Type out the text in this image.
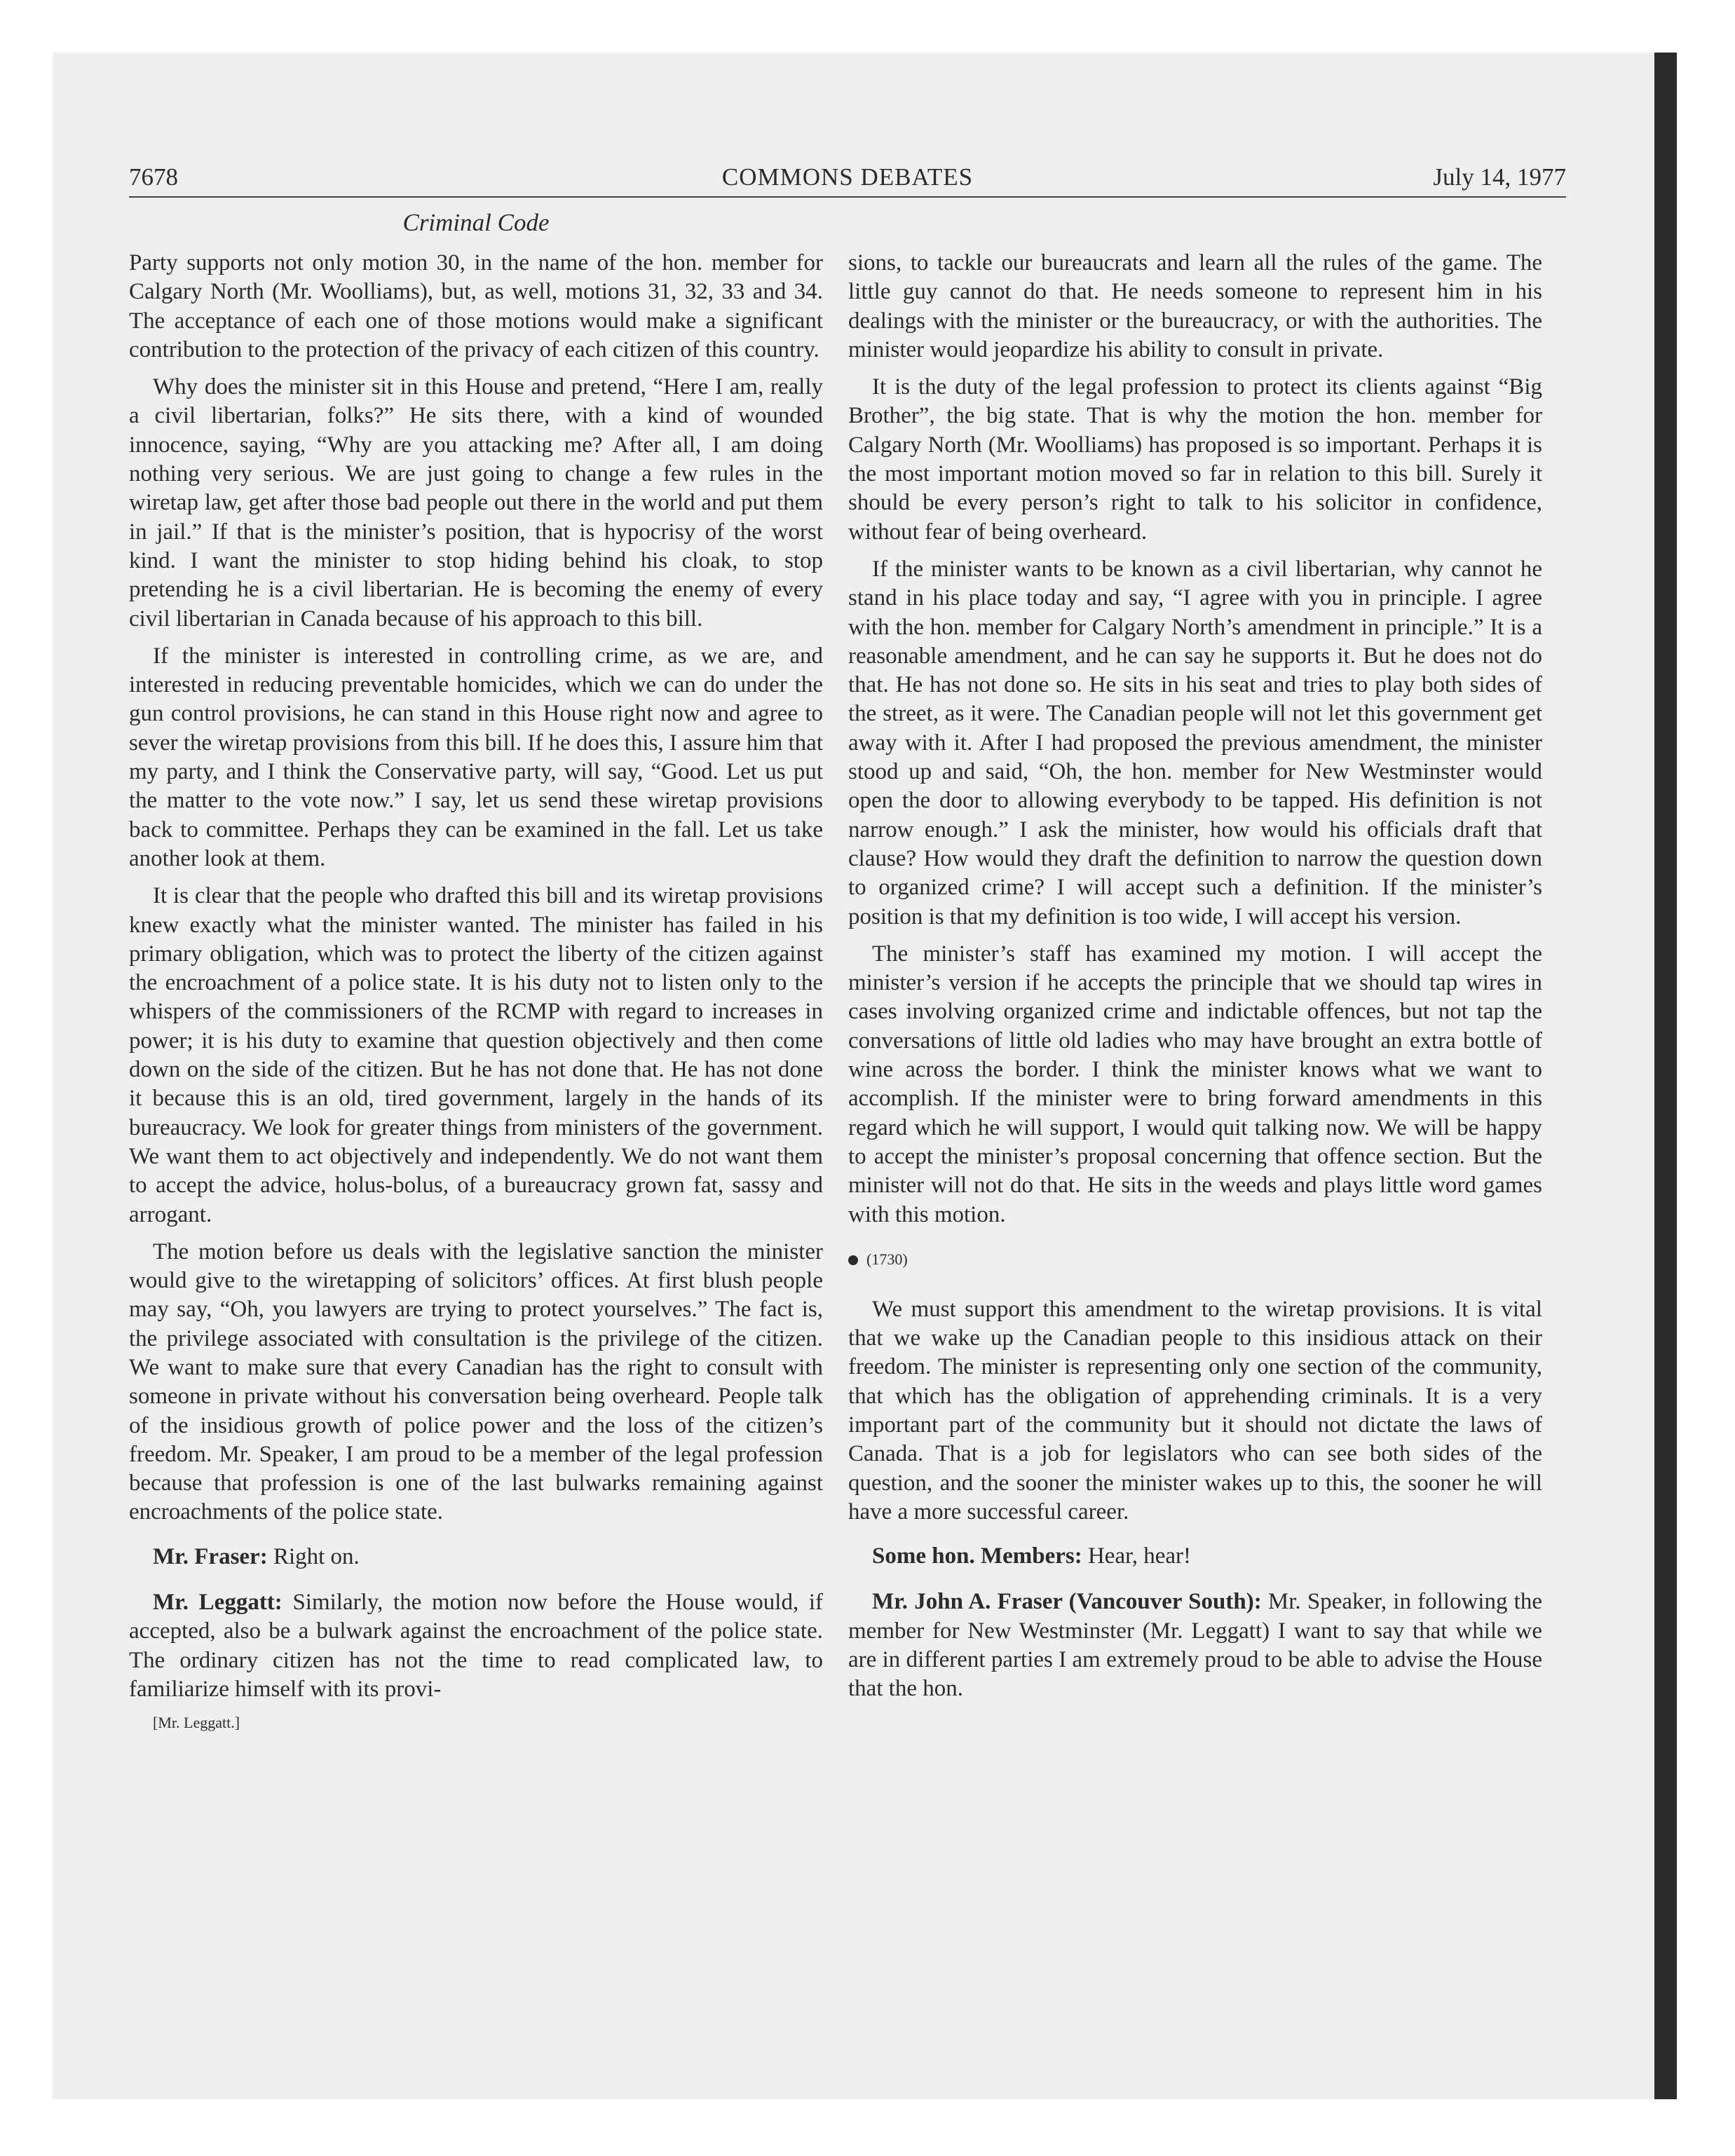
7678	COMMONS DEBATES	July 14, 1977
Criminal Code

Party supports not only motion 30, in the name of the hon. member for Calgary North (Mr. Woolliams), but, as well, motions 31, 32, 33 and 34. The acceptance of each one of those motions would make a significant contribution to the protection of the privacy of each citizen of this country.

Why does the minister sit in this House and pretend, “Here I am, really a civil libertarian, folks?” He sits there, with a kind of wounded innocence, saying, “Why are you attacking me? After all, I am doing nothing very serious. We are just going to change a few rules in the wiretap law, get after those bad people out there in the world and put them in jail.” If that is the minister’s position, that is hypocrisy of the worst kind. I want the minister to stop hiding behind his cloak, to stop pretending he is a civil libertarian. He is becoming the enemy of every civil libertarian in Canada because of his approach to this bill.

If the minister is interested in controlling crime, as we are, and interested in reducing preventable homicides, which we can do under the gun control provisions, he can stand in this House right now and agree to sever the wiretap provisions from this bill. If he does this, I assure him that my party, and I think the Conservative party, will say, “Good. Let us put the matter to the vote now.” I say, let us send these wiretap provisions back to committee. Perhaps they can be examined in the fall. Let us take another look at them.

It is clear that the people who drafted this bill and its wiretap provisions knew exactly what the minister wanted. The minister has failed in his primary obligation, which was to protect the liberty of the citizen against the encroachment of a police state. It is his duty not to listen only to the whispers of the commissioners of the RCMP with regard to increases in power; it is his duty to examine that question objectively and then come down on the side of the citizen. But he has not done that. He has not done it because this is an old, tired government, largely in the hands of its bureaucracy. We look for greater things from ministers of the government. We want them to act objectively and independently. We do not want them to accept the advice, holus-bolus, of a bureaucracy grown fat, sassy and arrogant.

The motion before us deals with the legislative sanction the minister would give to the wiretapping of solicitors’ offices. At first blush people may say, “Oh, you lawyers are trying to protect yourselves.” The fact is, the privilege associated with consultation is the privilege of the citizen. We want to make sure that every Canadian has the right to consult with someone in private without his conversation being overheard. People talk of the insidious growth of police power and the loss of the citizen’s freedom. Mr. Speaker, I am proud to be a member of the legal profession because that profession is one of the last bulwarks remaining against encroachments of the police state.

Mr. Fraser: Right on.

Mr. Leggatt: Similarly, the motion now before the House would, if accepted, also be a bulwark against the encroachment of the police state. The ordinary citizen has not the time to read complicated law, to familiarize himself with its provi-

[Mr. Leggatt.]

sions, to tackle our bureaucrats and learn all the rules of the game. The little guy cannot do that. He needs someone to represent him in his dealings with the minister or the bureaucracy, or with the authorities. The minister would jeopardize his ability to consult in private.

It is the duty of the legal profession to protect its clients against “Big Brother”, the big state. That is why the motion the hon. member for Calgary North (Mr. Woolliams) has proposed is so important. Perhaps it is the most important motion moved so far in relation to this bill. Surely it should be every person’s right to talk to his solicitor in confidence, without fear of being overheard.

If the minister wants to be known as a civil libertarian, why cannot he stand in his place today and say, “I agree with you in principle. I agree with the hon. member for Calgary North’s amendment in principle.” It is a reasonable amendment, and he can say he supports it. But he does not do that. He has not done so. He sits in his seat and tries to play both sides of the street, as it were. The Canadian people will not let this government get away with it. After I had proposed the previous amendment, the minister stood up and said, “Oh, the hon. member for New Westminster would open the door to allowing everybody to be tapped. His definition is not narrow enough.” I ask the minister, how would his officials draft that clause? How would they draft the definition to narrow the question down to organized crime? I will accept such a definition. If the minister’s position is that my definition is too wide, I will accept his version.

The minister’s staff has examined my motion. I will accept the minister’s version if he accepts the principle that we should tap wires in cases involving organized crime and indictable offences, but not tap the conversations of little old ladies who may have brought an extra bottle of wine across the border. I think the minister knows what we want to accomplish. If the minister were to bring forward amendments in this regard which he will support, I would quit talking now. We will be happy to accept the minister’s proposal concerning that offence section. But the minister will not do that. He sits in the weeds and plays little word games with this motion.

(1730)

We must support this amendment to the wiretap provisions. It is vital that we wake up the Canadian people to this insidious attack on their freedom. The minister is representing only one section of the community, that which has the obligation of apprehending criminals. It is a very important part of the community but it should not dictate the laws of Canada. That is a job for legislators who can see both sides of the question, and the sooner the minister wakes up to this, the sooner he will have a more successful career.

Some hon. Members: Hear, hear!

Mr. John A. Fraser (Vancouver South): Mr. Speaker, in following the member for New Westminster (Mr. Leggatt) I want to say that while we are in different parties I am extremely proud to be able to advise the House that the hon.
